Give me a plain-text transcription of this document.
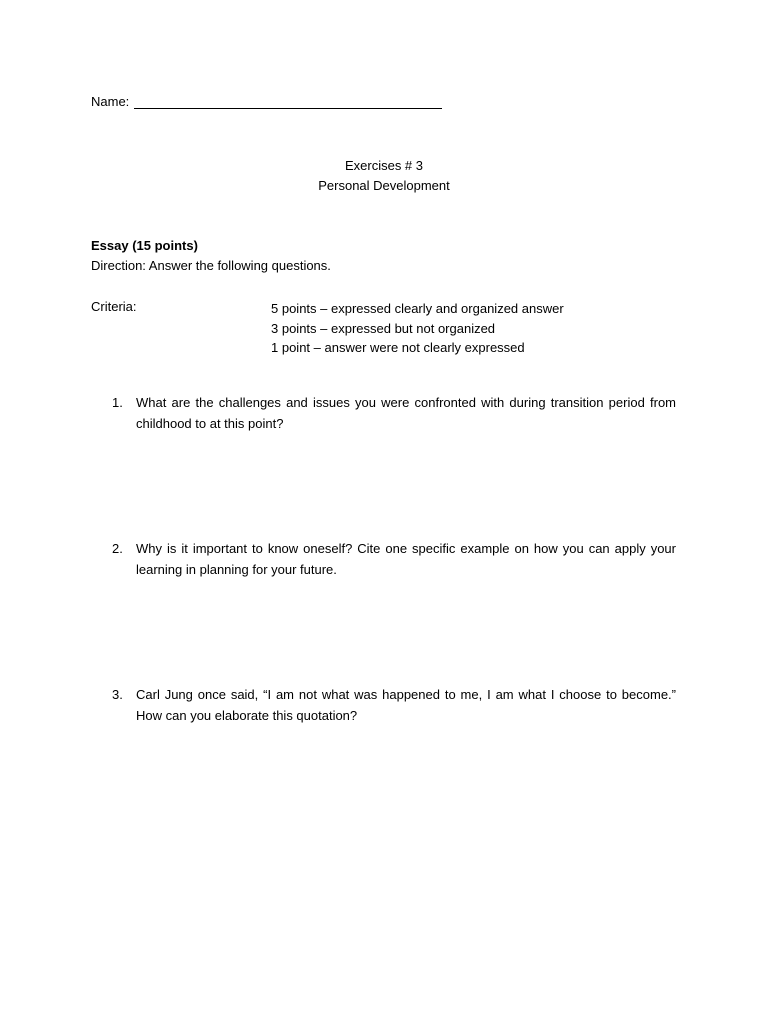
Name:
Exercises # 3
Personal Development
Essay (15 points)
Direction: Answer the following questions.
Criteria:	5 points – expressed clearly and organized answer
3 points – expressed but not organized
1 point – answer were not clearly expressed
1.	What are the challenges and issues you were confronted with during transition period from childhood to at this point?
2.	Why is it important to know oneself? Cite one specific example on how you can apply your learning in planning for your future.
3.	Carl Jung once said, “I am not what was happened to me, I am what I choose to become.” How can you elaborate this quotation?
